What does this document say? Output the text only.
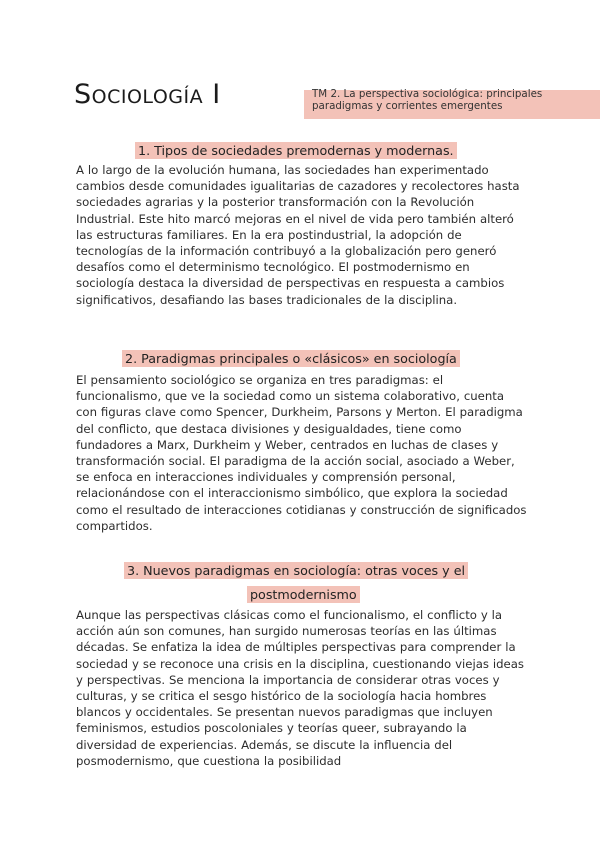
Sociología I	TM 2. La perspectiva sociológica: principales paradigmas y corrientes emergentes

1. Tipos de sociedades premodernas y modernas.

A lo largo de la evolución humana, las sociedades han experimentado cambios desde comunidades igualitarias de cazadores y recolectores hasta sociedades agrarias y la posterior transformación con la Revolución Industrial. Este hito marcó mejoras en el nivel de vida pero también alteró las estructuras familiares. En la era postindustrial, la adopción de tecnologías de la información contribuyó a la globalización pero generó desafíos como el determinismo tecnológico. El postmodernismo en sociología destaca la diversidad de perspectivas en respuesta a cambios significativos, desafiando las bases tradicionales de la disciplina.

2. Paradigmas principales o «clásicos» en sociología

El pensamiento sociológico se organiza en tres paradigmas: el funcionalismo, que ve la sociedad como un sistema colaborativo, cuenta con figuras clave como Spencer, Durkheim, Parsons y Merton. El paradigma del conflicto, que destaca divisiones y desigualdades, tiene como fundadores a Marx, Durkheim y Weber, centrados en luchas de clases y transformación social. El paradigma de la acción social, asociado a Weber, se enfoca en interacciones individuales y comprensión personal, relacionándose con el interaccionismo simbólico, que explora la sociedad como el resultado de interacciones cotidianas y construcción de significados compartidos.

3. Nuevos paradigmas en sociología: otras voces y el
postmodernismo

Aunque las perspectivas clásicas como el funcionalismo, el conflicto y la acción aún son comunes, han surgido numerosas teorías en las últimas décadas. Se enfatiza la idea de múltiples perspectivas para comprender la sociedad y se reconoce una crisis en la disciplina, cuestionando viejas ideas y perspectivas. Se menciona la importancia de considerar otras voces y culturas, y se critica el sesgo histórico de la sociología hacia hombres blancos y occidentales. Se presentan nuevos paradigmas que incluyen feminismos, estudios poscoloniales y teorías queer, subrayando la diversidad de experiencias. Además, se discute la influencia del posmodernismo, que cuestiona la posibilidad
